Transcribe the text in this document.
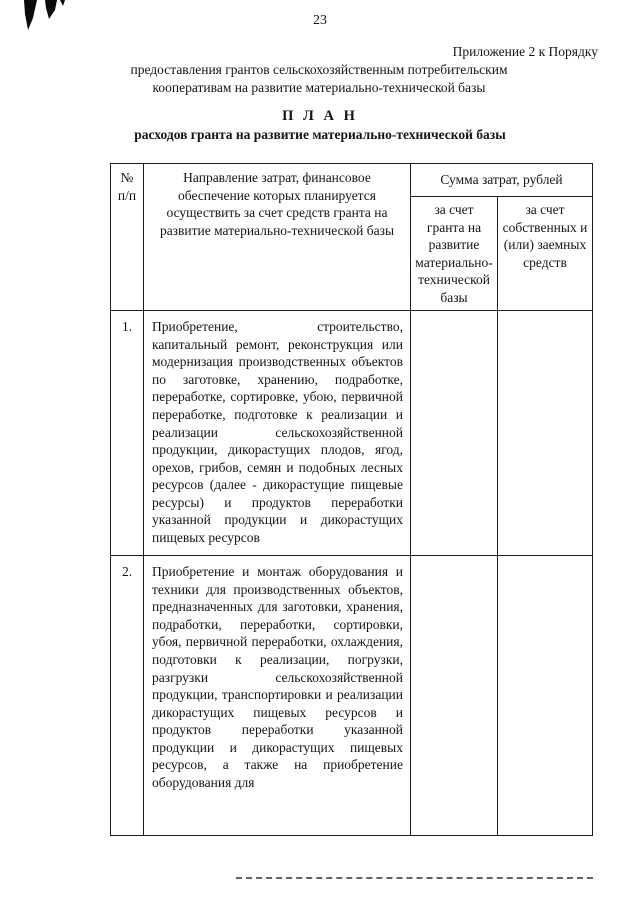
23
Приложение 2 к Порядку
предоставления грантов сельскохозяйственным потребительским
кооперативам на развитие материально-технической базы
П Л А Н
расходов гранта на развитие материально-технической базы
№ п/п	Направление затрат, финансовое обеспечение которых планируется осуществить за счет средств гранта на развитие материально-технической базы	Сумма затрат, рублей	
		за счет гранта на развитие материально-технической базы	за счет собственных и (или) заемных средств
1.	Приобретение, строительство, капитальный ремонт, реконструкция или модернизация производственных объектов по заготовке, хранению, подработке, переработке, сортировке, убою, первичной переработке, подготовке к реализации и реализации сельскохозяйственной продукции, дикорастущих плодов, ягод, орехов, грибов, семян и подобных лесных ресурсов (далее - дикорастущие пищевые ресурсы) и продуктов переработки указанной продукции и дикорастущих пищевых ресурсов		
2.	Приобретение и монтаж оборудования и техники для производственных объектов, предназначенных для заготовки, хранения, подработки, переработки, сортировки, убоя, первичной переработки, охлаждения, подготовки к реализации, погрузки, разгрузки сельскохозяйственной продукции, транспортировки и реализации дикорастущих пищевых ресурсов и продуктов переработки указанной продукции и дикорастущих пищевых ресурсов, а также на приобретение оборудования для		
